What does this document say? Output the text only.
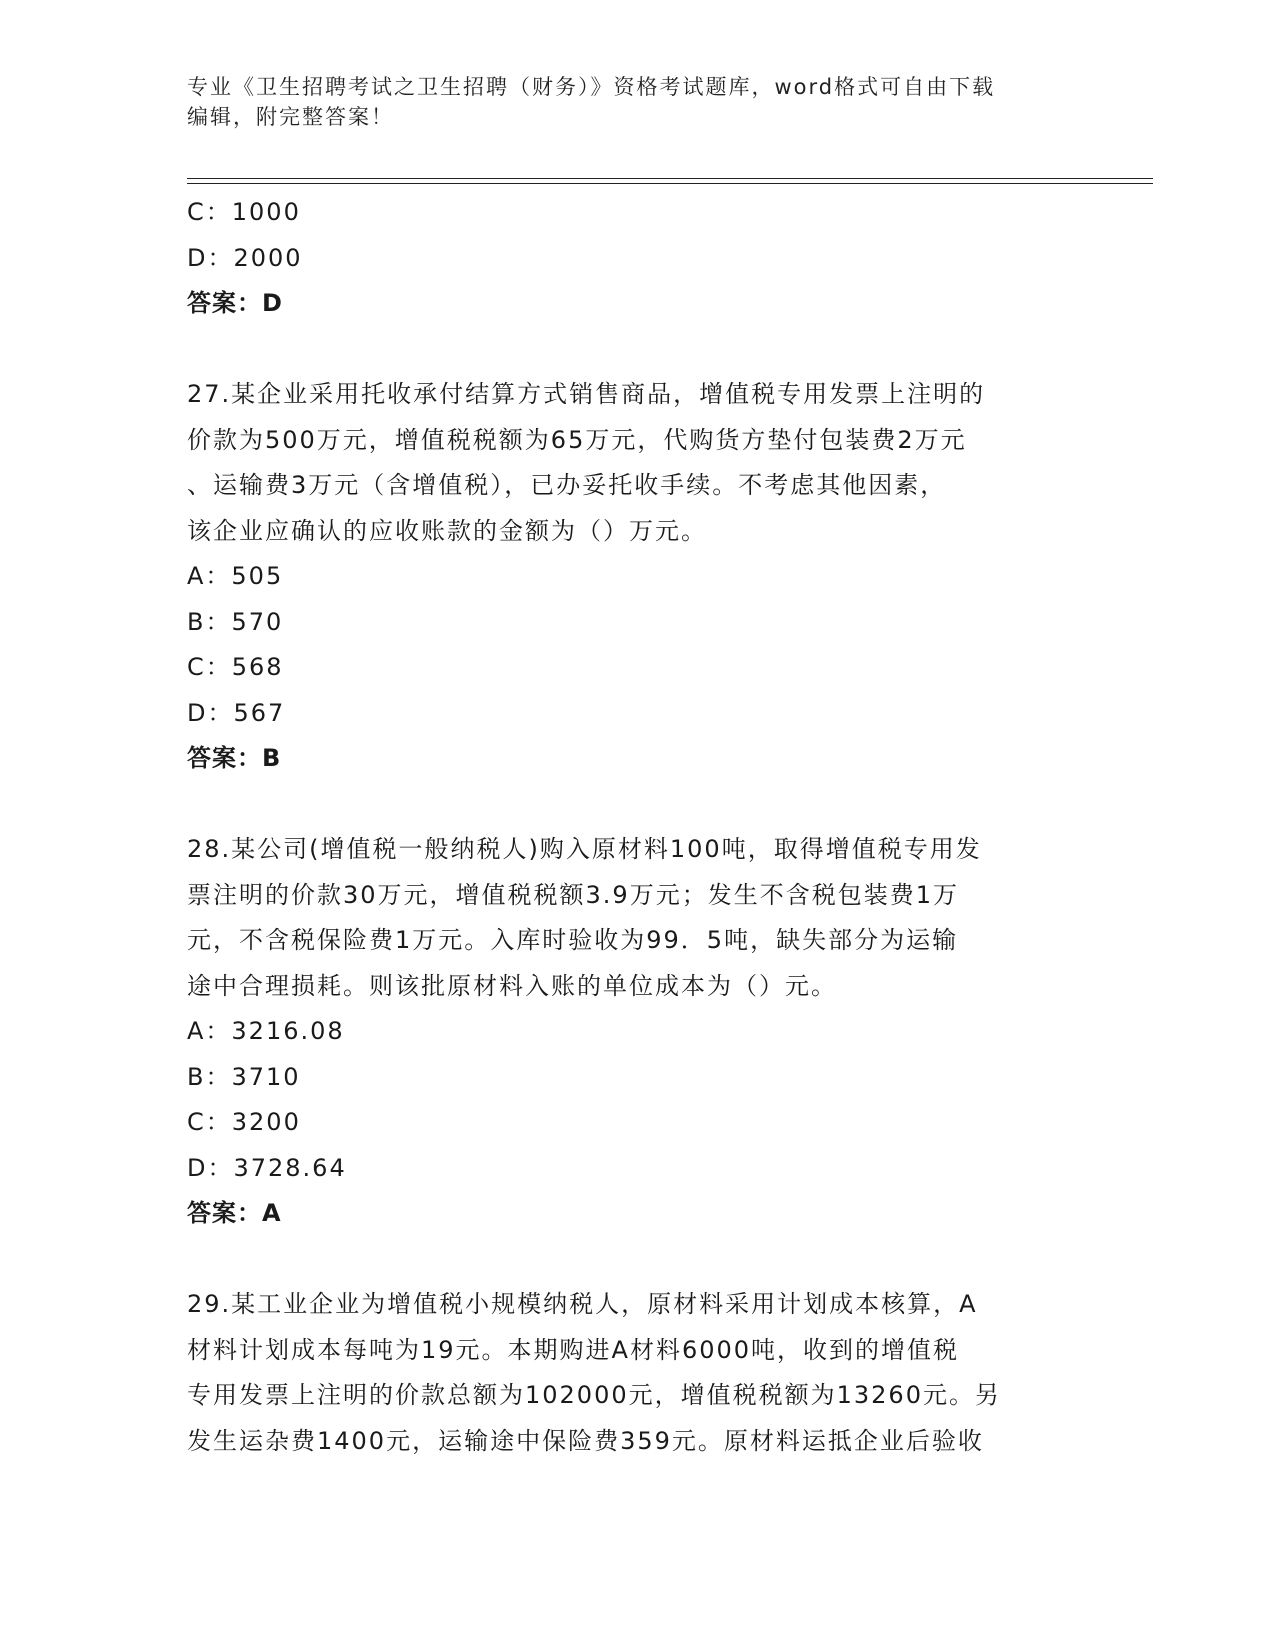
专业《卫生招聘考试之卫生招聘（财务）》资格考试题库，word格式可自由下载
编辑，附完整答案！
C：1000
D：2000
答案：D
27.某企业采用托收承付结算方式销售商品，增值税专用发票上注明的
价款为500万元，增值税税额为65万元，代购货方垫付包装费2万元
、运输费3万元（含增值税），已办妥托收手续。不考虑其他因素，
该企业应确认的应收账款的金额为（）万元。
A：505
B：570
C：568
D：567
答案：B
28.某公司(增值税一般纳税人)购入原材料100吨，取得增值税专用发
票注明的价款30万元，增值税税额3.9万元；发生不含税包装费1万
元，不含税保险费1万元。入库时验收为99．5吨，缺失部分为运输
途中合理损耗。则该批原材料入账的单位成本为（）元。
A：3216.08
B：3710
C：3200
D：3728.64
答案：A
29.某工业企业为增值税小规模纳税人，原材料采用计划成本核算，A
材料计划成本每吨为19元。本期购进A材料6000吨，收到的增值税
专用发票上注明的价款总额为102000元，增值税税额为13260元。另
发生运杂费1400元，运输途中保险费359元。原材料运抵企业后验收
